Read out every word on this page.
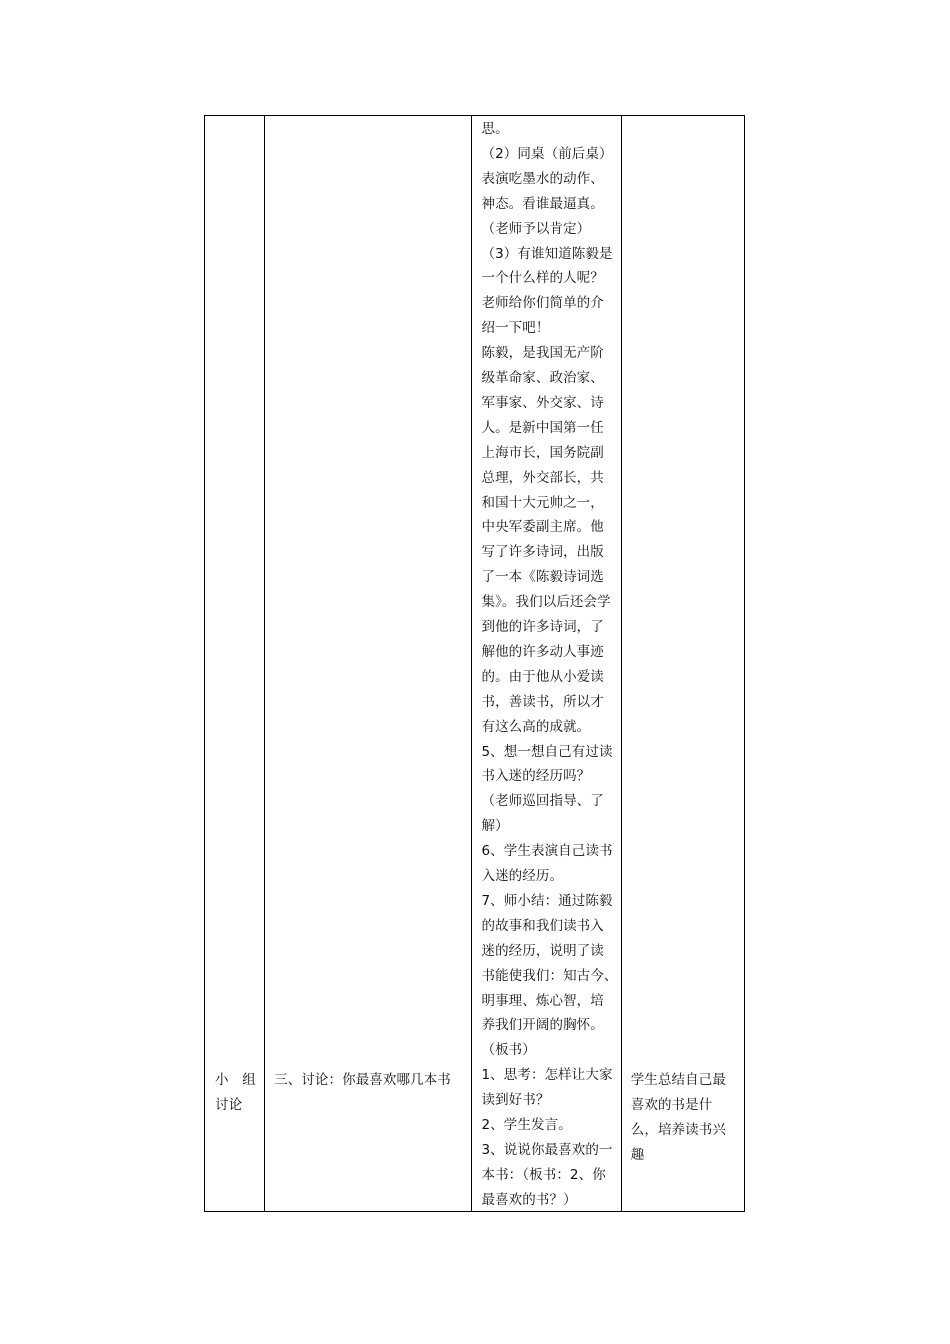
小　组
讨论

三、讨论：你最喜欢哪几本书

思。
（2）同桌（前后桌）
表演吃墨水的动作、
神态。看谁最逼真。
（老师予以肯定）
（3）有谁知道陈毅是
一个什么样的人呢？
老师给你们简单的介
绍一下吧！
陈毅，是我国无产阶
级革命家、政治家、
军事家、外交家、诗
人。是新中国第一任
上海市长，国务院副
总理，外交部长，共
和国十大元帅之一，
中央军委副主席。他
写了许多诗词，出版
了一本《陈毅诗词选
集》。我们以后还会学
到他的许多诗词，了
解他的许多动人事迹
的。由于他从小爱读
书，善读书，所以才
有这么高的成就。
5、想一想自己有过读
书入迷的经历吗？
（老师巡回指导、了
解）
6、学生表演自己读书
入迷的经历。
7、师小结：通过陈毅
的故事和我们读书入
迷的经历，说明了读
书能使我们：知古今、
明事理、炼心智，培
养我们开阔的胸怀。
（板书）
1、思考：怎样让大家
读到好书？
2、学生发言。
3、说说你最喜欢的一
本书：（板书：2、你
最喜欢的书？）

学生总结自己最
喜欢的书是什
么，培养读书兴
趣
